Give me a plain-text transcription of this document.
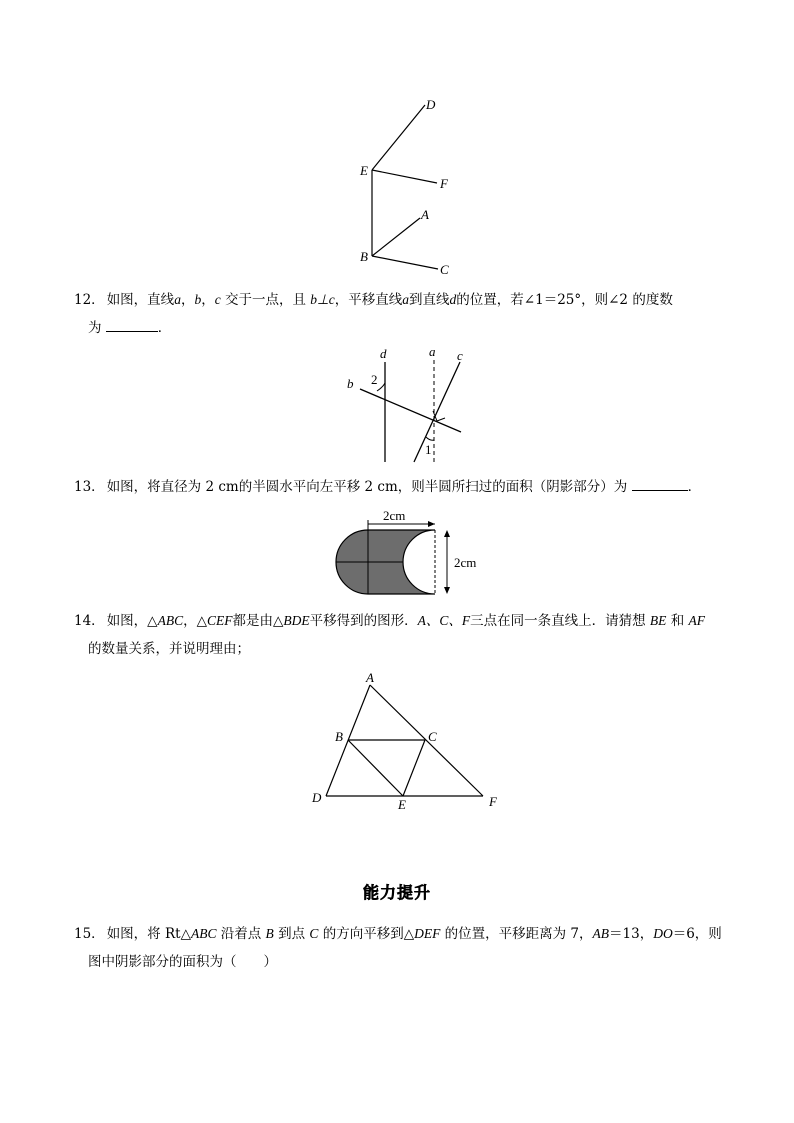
D
E
F
A
B
C
12． 如图，直线a，b，c 交于一点，且 b⊥c，平移直线a到直线d的位置，若∠1＝25°，则∠2 的度数
为	．
d	a c
b 2
1
13． 如图，将直径为 2 cm的半圆水平向左平移 2 cm，则半圆所扫过的面积（阴影部分）为	．
2cm
2cm
14． 如图，△ABC，△CEF都是由△BDE平移得到的图形．A、C、F三点在同一条直线上．请猜想 BE 和 AF
的数量关系，并说明理由；
A
B	C
D	E	F
能力提升
15． 如图，将 Rt△ABC 沿着点 B 到点 C 的方向平移到△DEF 的位置，平移距离为 7，AB＝13，DO＝6，则
图中阴影部分的面积为（　　）
